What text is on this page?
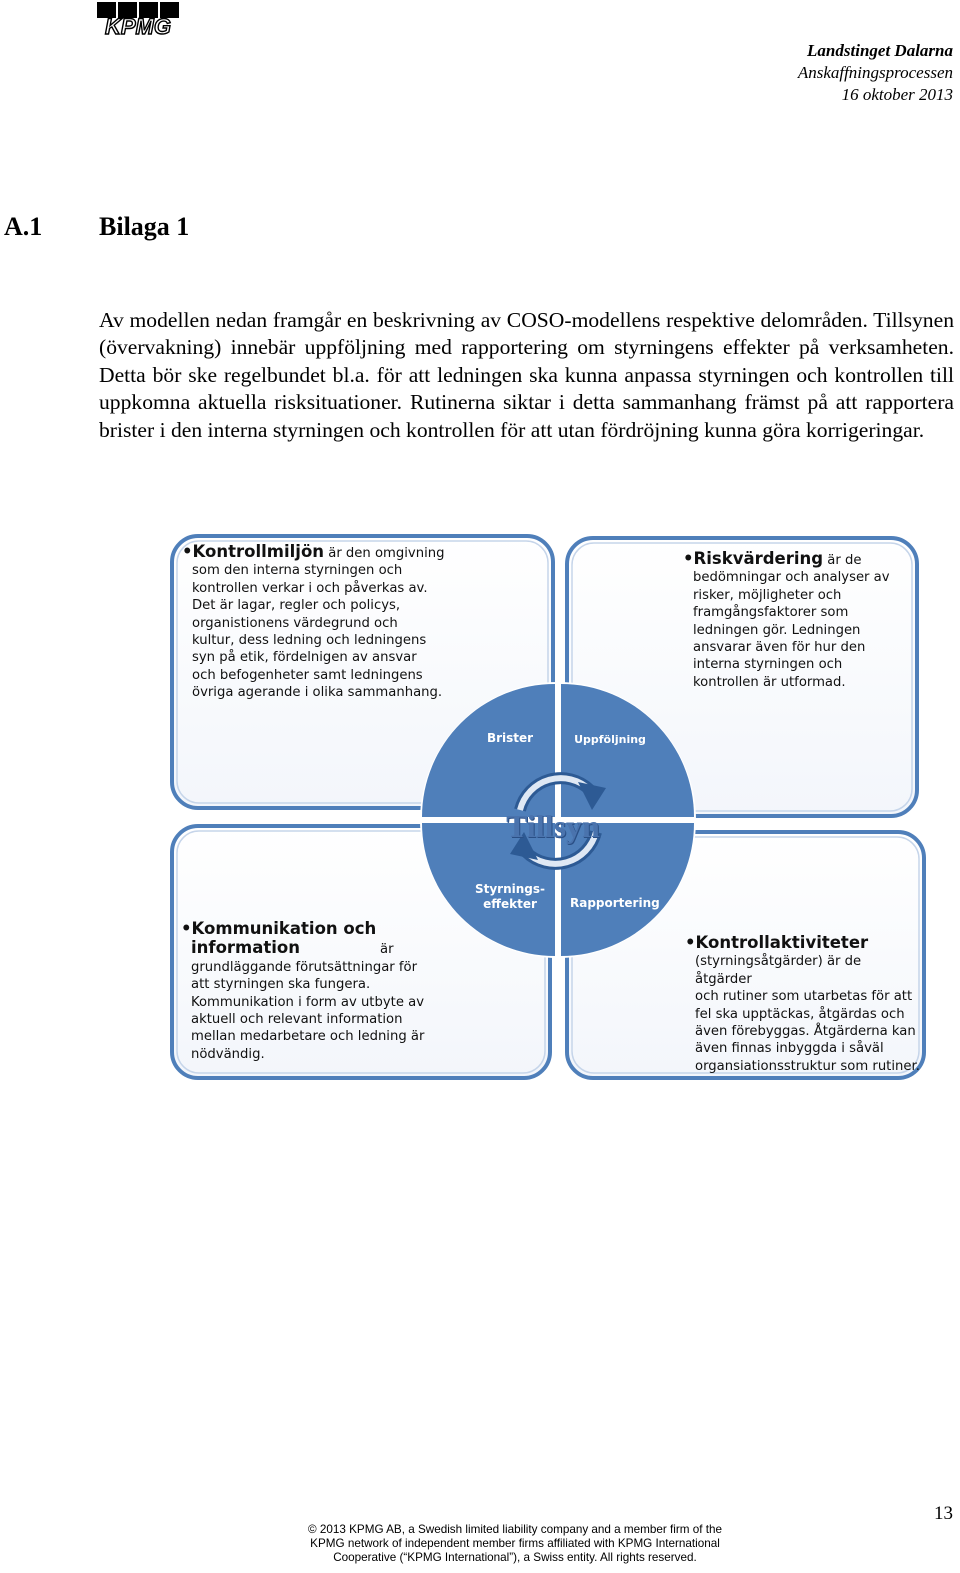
KPMG
Landstinget Dalarna
Anskaffningsprocessen
16 oktober 2013
A.1 Bilaga 1

Av modellen nedan framgår en beskrivning av COSO-modellens respektive delområden. Tillsynen (övervakning) innebär uppföljning med rapportering om styrningens effekter på verksamheten. Detta bör ske regelbundet bl.a. för att ledningen ska kunna anpassa styrningen och kontrollen till uppkomna aktuella risksituationer. Rutinerna siktar i detta sammanhang främst på att rapportera brister i den interna styrningen och kontrollen för att utan fördröjning kunna göra korrigeringar.

•Kontrollmiljön är den omgivning
som den interna styrningen och
kontrollen verkar i och påverkas av.
Det är lagar, regler och policys,
organistionens värdegrund och
kultur, dess ledning och ledningens
syn på etik, fördelnigen av ansvar
och befogenheter samt ledningens
övriga agerande i olika sammanhang.
•Riskvärdering är de
bedömningar och analyser av
risker, möjligheter och
framgångsfaktorer som
ledningen gör. Ledningen
ansvarar även för hur den
interna styrningen och
kontrollen är utformad.
•Kommunikation och
information	är
grundläggande förutsättningar för
att styrningen ska fungera.
Kommunikation i form av utbyte av
aktuell och relevant information
mellan medarbetare och ledning är
nödvändig.
•Kontrollaktiviteter
(styrningsåtgärder) är de åtgärder
och rutiner som utarbetas för att
fel ska upptäckas, åtgärdas och
även förebyggas. Åtgärderna kan
även finnas inbyggda i såväl
organsiationsstruktur som rutiner.
Brister	Uppföljning
Styrnings-
effekter	Rapportering
Tillsyn
13
© 2013 KPMG AB, a Swedish limited liability company and a member firm of the
KPMG network of independent member firms affiliated with KPMG International
Cooperative (“KPMG International”), a Swiss entity. All rights reserved.
